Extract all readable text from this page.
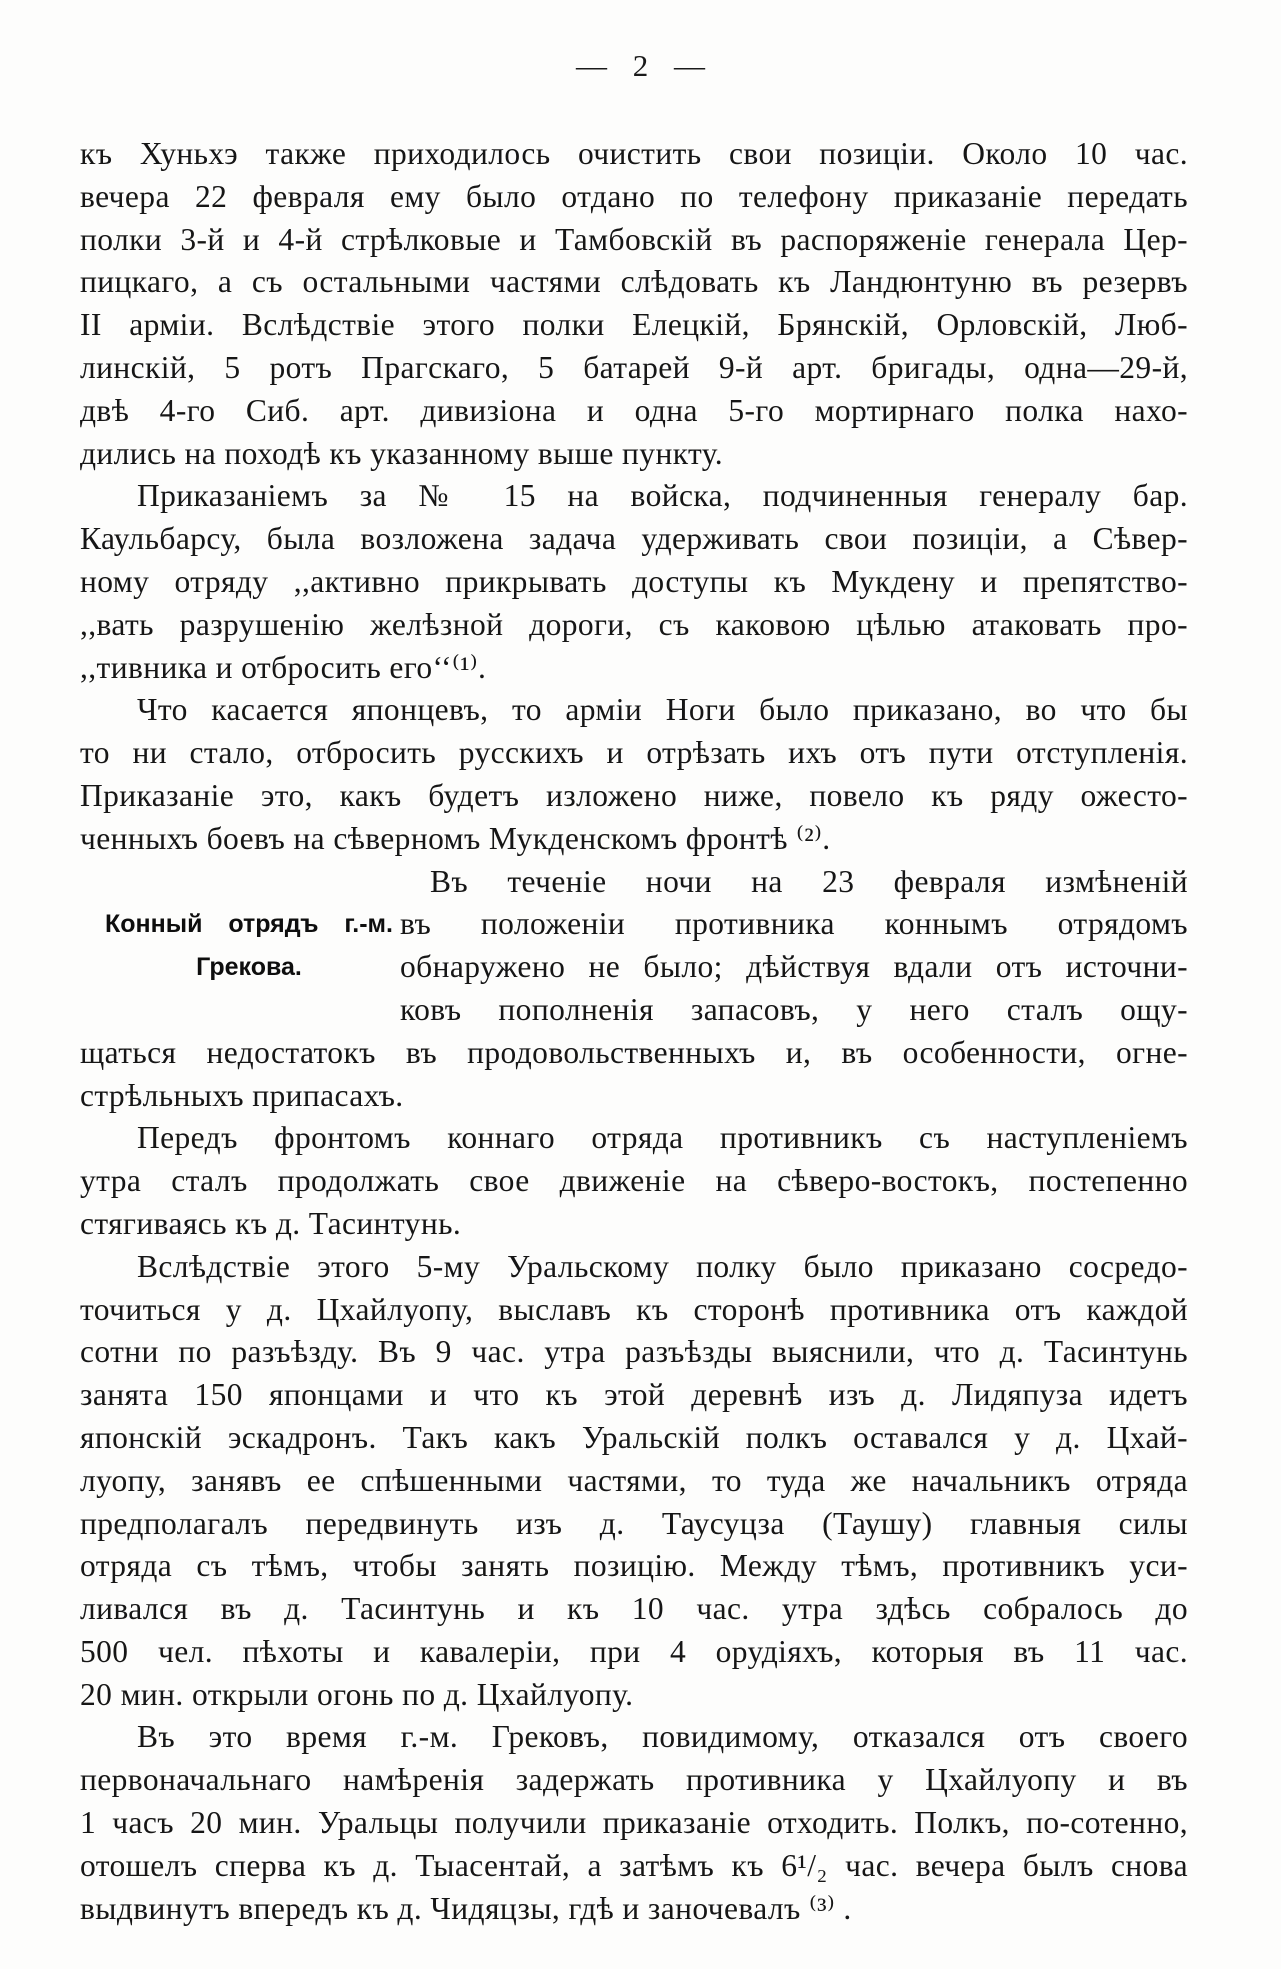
— 2 —
къ Хуньхэ также приходилось очистить свои позиціи. Около 10 час.
вечера 22 февраля ему было отдано по телефону приказаніе передать
полки 3-й и 4-й стрѣлковые и Тамбовскій въ распоряженіе генерала Цер-
пицкаго, а съ остальными частями слѣдовать къ Ландюнтуню въ резервъ
II арміи. Вслѣдствіе этого полки Елецкій, Брянскій, Орловскій, Люб-
линскій, 5 ротъ Прагскаго, 5 батарей 9-й арт. бригады, одна—29-й,
двѣ 4-го Сиб. арт. дивизіона и одна 5-го мортирнаго полка нахо-
дились на походѣ къ указанному выше пункту.
Приказаніемъ за № 15 на войска, подчиненныя генералу бар.
Каульбарсу, была возложена задача удерживать свои позиціи, а Сѣвер-
ному отряду ,,активно прикрывать доступы къ Мукдену и препятство-
,,вать разрушенію желѣзной дороги, съ каковою цѣлью атаковать про-
,,тивника и отбросить его‘‘⁽¹⁾.
Что касается японцевъ, то арміи Ноги было приказано, во что бы
то ни стало, отбросить русскихъ и отрѣзать ихъ отъ пути отступленія.
Приказаніе это, какъ будетъ изложено ниже, повело къ ряду ожесто-
ченныхъ боевъ на сѣверномъ Мукденскомъ фронтѣ ⁽²⁾.
Конный отрядъ г.-м.
Грекова.
Въ теченіе ночи на 23 февраля измѣненій
въ положеніи противника коннымъ отрядомъ
обнаружено не было; дѣйствуя вдали отъ источни-
ковъ пополненія запасовъ, у него сталъ ощу-
щаться недостатокъ въ продовольственныхъ и, въ особенности, огне-
стрѣльныхъ припасахъ.
Передъ фронтомъ коннаго отряда противникъ съ наступленіемъ
утра сталъ продолжать свое движеніе на сѣверо-востокъ, постепенно
стягиваясь къ д. Тасинтунь.
Вслѣдствіе этого 5-му Уральскому полку было приказано сосредо-
точиться у д. Цхайлуопу, выславъ къ сторонѣ противника отъ каждой
сотни по разъѣзду. Въ 9 час. утра разъѣзды выяснили, что д. Тасинтунь
занята 150 японцами и что къ этой деревнѣ изъ д. Лидяпуза идетъ
японскій эскадронъ. Такъ какъ Уральскій полкъ оставался у д. Цхай-
луопу, занявъ ее спѣшенными частями, то туда же начальникъ отряда
предполагалъ передвинуть изъ д. Таусуцза (Таушу) главныя силы
отряда съ тѣмъ, чтобы занять позицію. Между тѣмъ, противникъ уси-
ливался въ д. Тасинтунь и къ 10 час. утра здѣсь собралось до
500 чел. пѣхоты и кавалеріи, при 4 орудіяхъ, которыя въ 11 час.
20 мин. открыли огонь по д. Цхайлуопу.
Въ это время г.-м. Грековъ, повидимому, отказался отъ своего
первоначальнаго намѣренія задержать противника у Цхайлуопу и въ
1 часъ 20 мин. Уральцы получили приказаніе отходить. Полкъ, по-сотенно,
отошелъ сперва къ д. Тыасентай, а затѣмъ къ 6¹/₂ час. вечера былъ снова
выдвинутъ впередъ къ д. Чидяцзы, гдѣ и заночевалъ ⁽³⁾ .
